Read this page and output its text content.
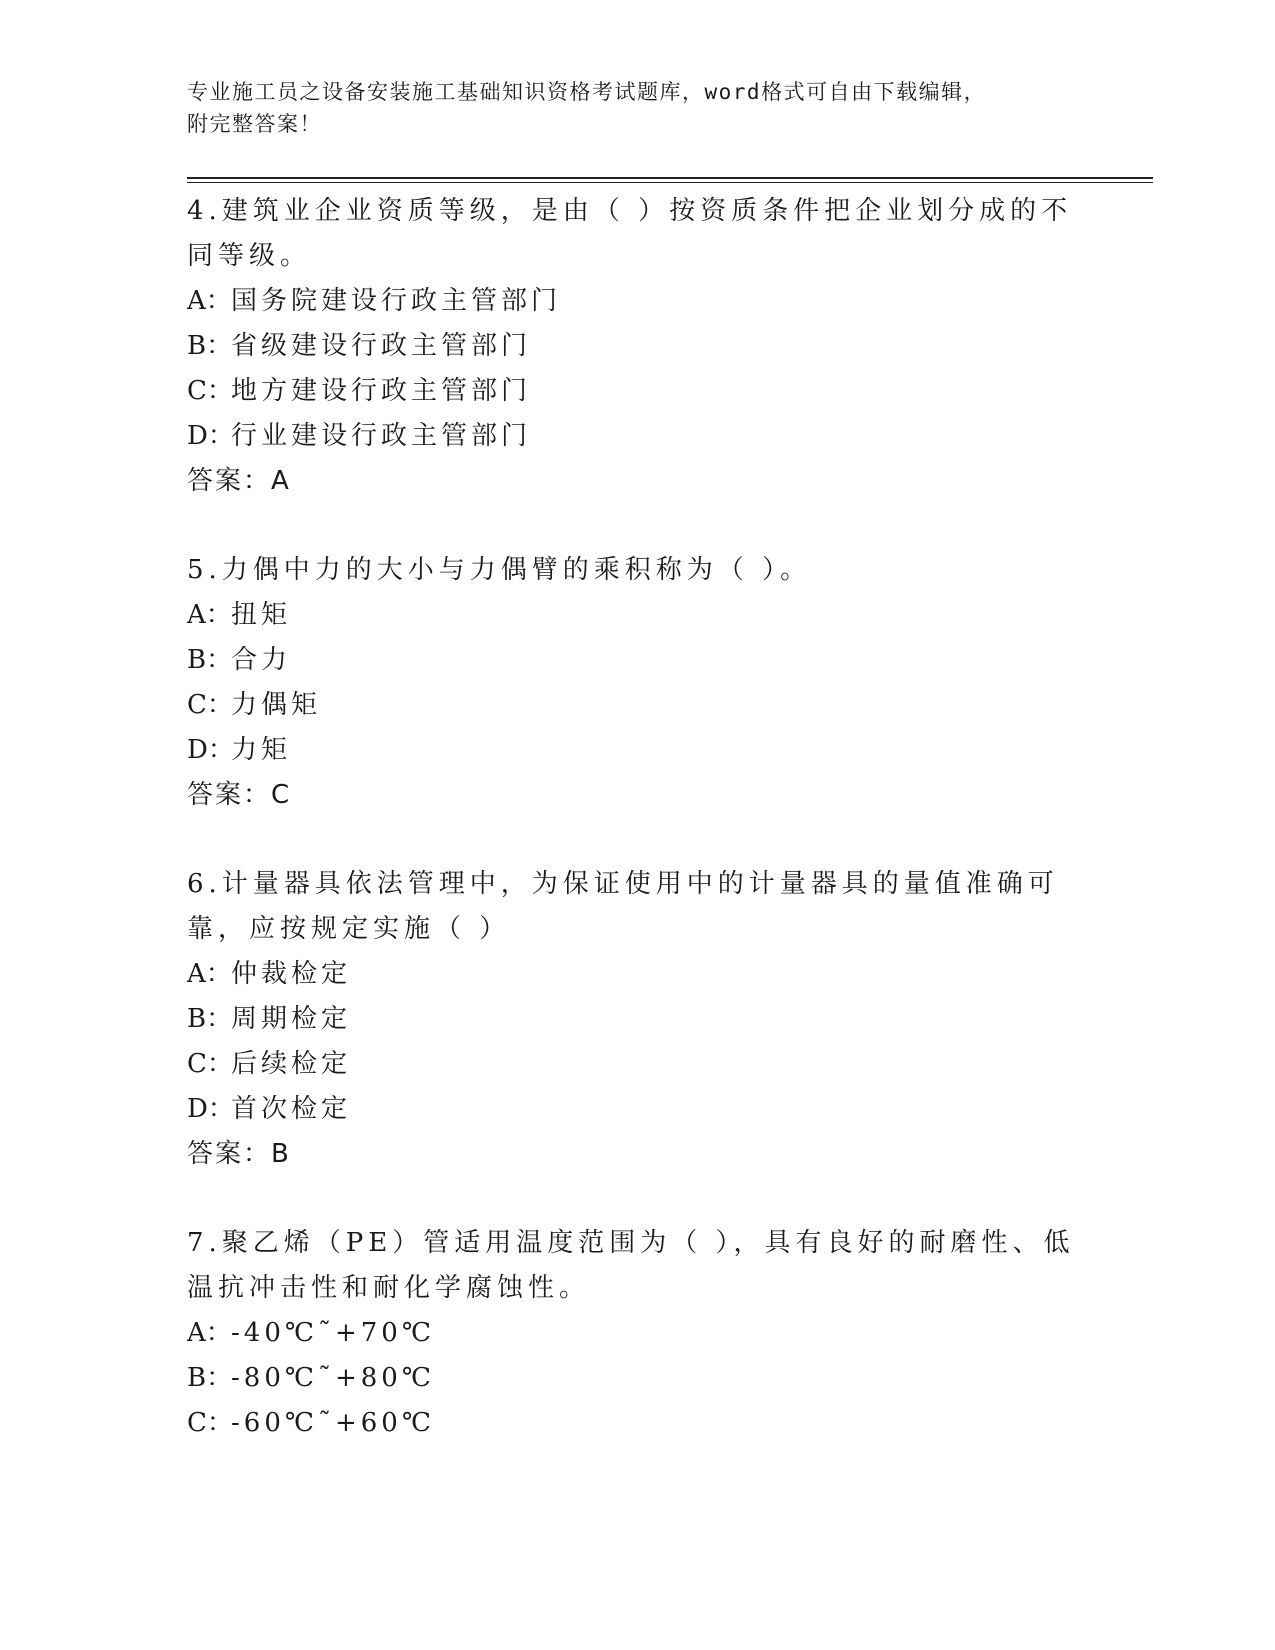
专业施工员之设备安装施工基础知识资格考试题库，word格式可自由下载编辑，
附完整答案！

4.建筑业企业资质等级，是由（ ）按资质条件把企业划分成的不同等级。

A：国务院建设行政主管部门

B：省级建设行政主管部门

C：地方建设行政主管部门

D：行业建设行政主管部门

答案：A

5.力偶中力的大小与力偶臂的乘积称为（ ）。

A：扭矩

B：合力

C：力偶矩

D：力矩

答案：C

6.计量器具依法管理中，为保证使用中的计量器具的量值准确可靠，应按规定实施（ ）

A：仲裁检定

B：周期检定

C：后续检定

D：首次检定

答案：B

7.聚乙烯（PE）管适用温度范围为（ ），具有良好的耐磨性、低温抗冲击性和耐化学腐蚀性。

A：-40℃˜+70℃

B：-80℃˜+80℃

C：-60℃˜+60℃
